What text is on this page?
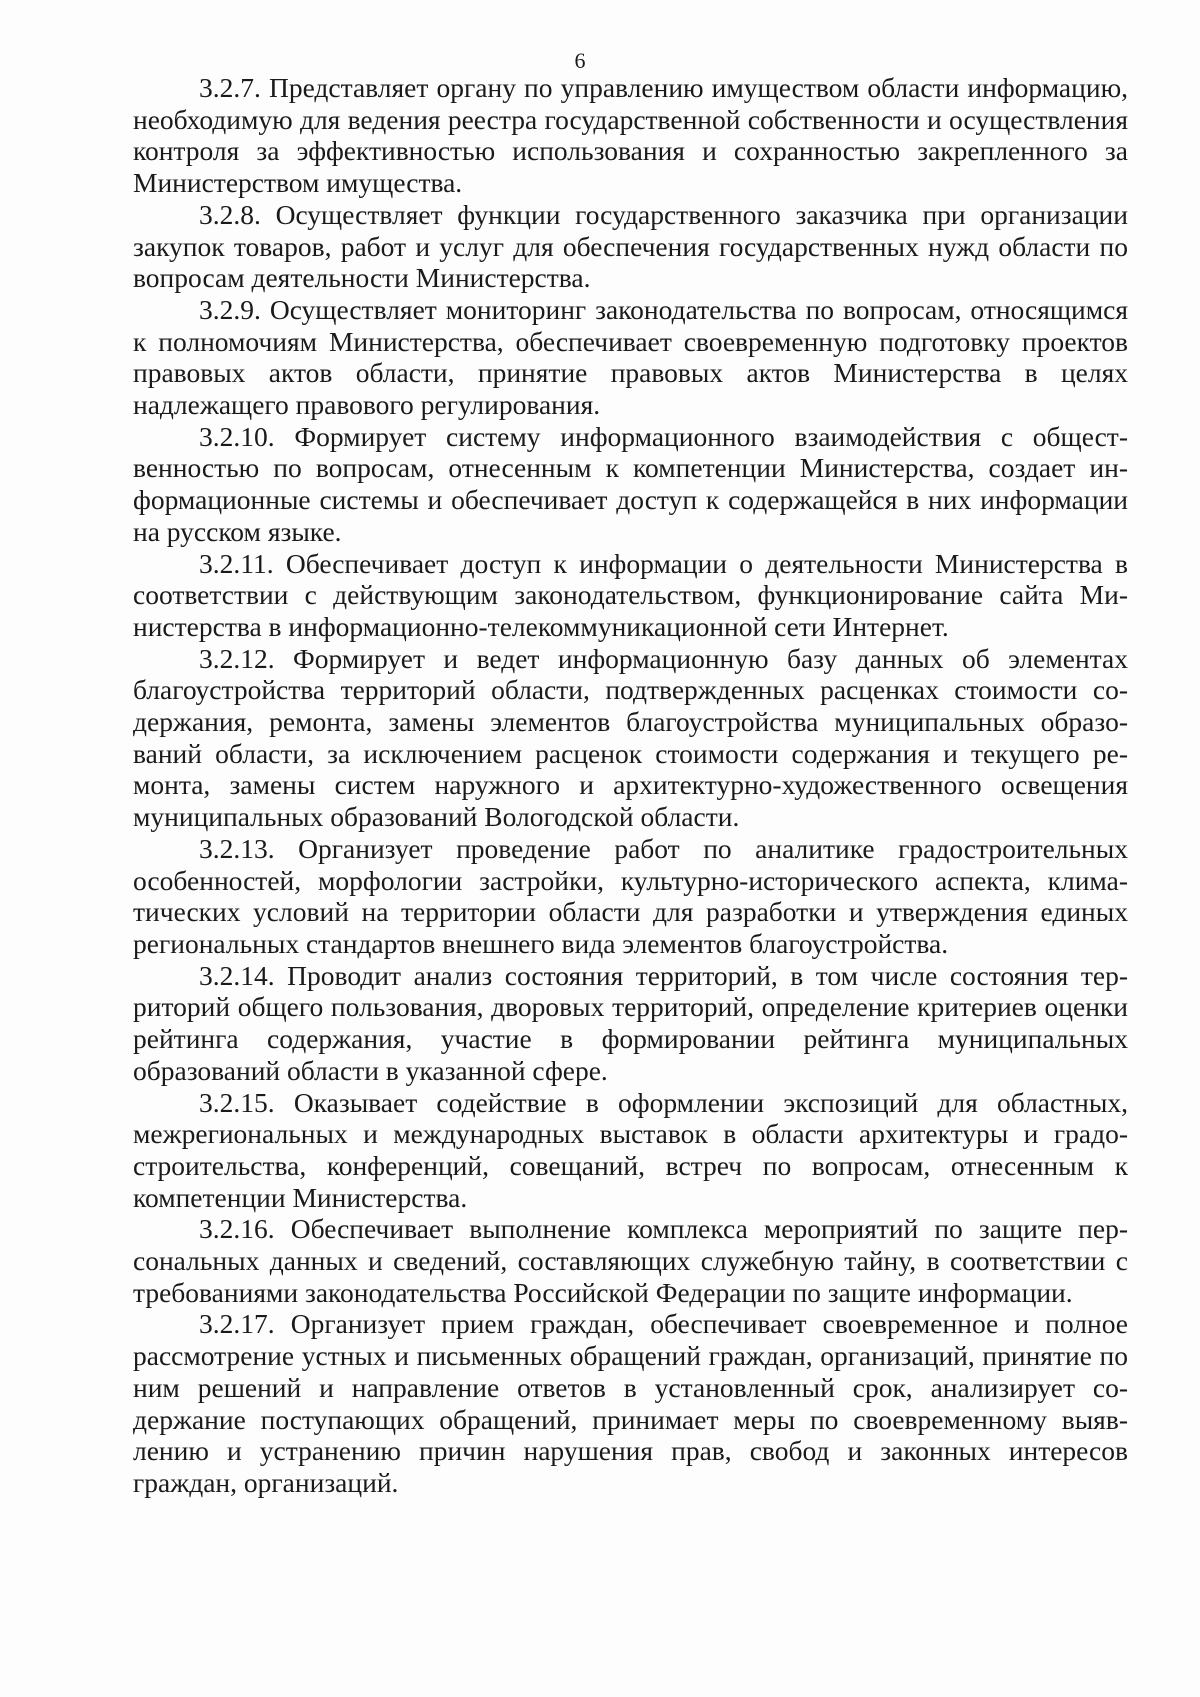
6

3.2.7. Представляет органу по управлению имуществом области информацию, необходимую для ведения реестра государственной собственности и осуществления контроля за эффективностью использования и сохранностью закрепленного за Министерством имущества.

3.2.8. Осуществляет функции государственного заказчика при организации закупок товаров, работ и услуг для обеспечения государственных нужд области по вопросам деятельности Министерства.

3.2.9. Осуществляет мониторинг законодательства по вопросам, относящимся к полномочиям Министерства, обеспечивает своевременную подготовку проектов правовых актов области, принятие правовых актов Министерства в целях надлежащего правового регулирования.

3.2.10. Формирует систему информационного взаимодействия с общественностью по вопросам, отнесенным к компетенции Министерства, создает информационные системы и обеспечивает доступ к содержащейся в них информации на русском языке.

3.2.11. Обеспечивает доступ к информации о деятельности Министерства в соответствии с действующим законодательством, функционирование сайта Министерства в информационно-телекоммуникационной сети Интернет.

3.2.12. Формирует и ведет информационную базу данных об элементах благоустройства территорий области, подтвержденных расценках стоимости содержания, ремонта, замены элементов благоустройства муниципальных образований области, за исключением расценок стоимости содержания и текущего ремонта, замены систем наружного и архитектурно-художественного освещения муниципальных образований Вологодской области.

3.2.13. Организует проведение работ по аналитике градостроительных особенностей, морфологии застройки, культурно-исторического аспекта, климатических условий на территории области для разработки и утверждения единых региональных стандартов внешнего вида элементов благоустройства.

3.2.14. Проводит анализ состояния территорий, в том числе состояния территорий общего пользования, дворовых территорий, определение критериев оценки рейтинга содержания, участие в формировании рейтинга муниципальных образований области в указанной сфере.

3.2.15. Оказывает содействие в оформлении экспозиций для областных, межрегиональных и международных выставок в области архитектуры и градостроительства, конференций, совещаний, встреч по вопросам, отнесенным к компетенции Министерства.

3.2.16. Обеспечивает выполнение комплекса мероприятий по защите персональных данных и сведений, составляющих служебную тайну, в соответствии с требованиями законодательства Российской Федерации по защите информации.

3.2.17. Организует прием граждан, обеспечивает своевременное и полное рассмотрение устных и письменных обращений граждан, организаций, принятие по ним решений и направление ответов в установленный срок, анализирует содержание поступающих обращений, принимает меры по своевременному выявлению и устранению причин нарушения прав, свобод и законных интересов граждан, организаций.
